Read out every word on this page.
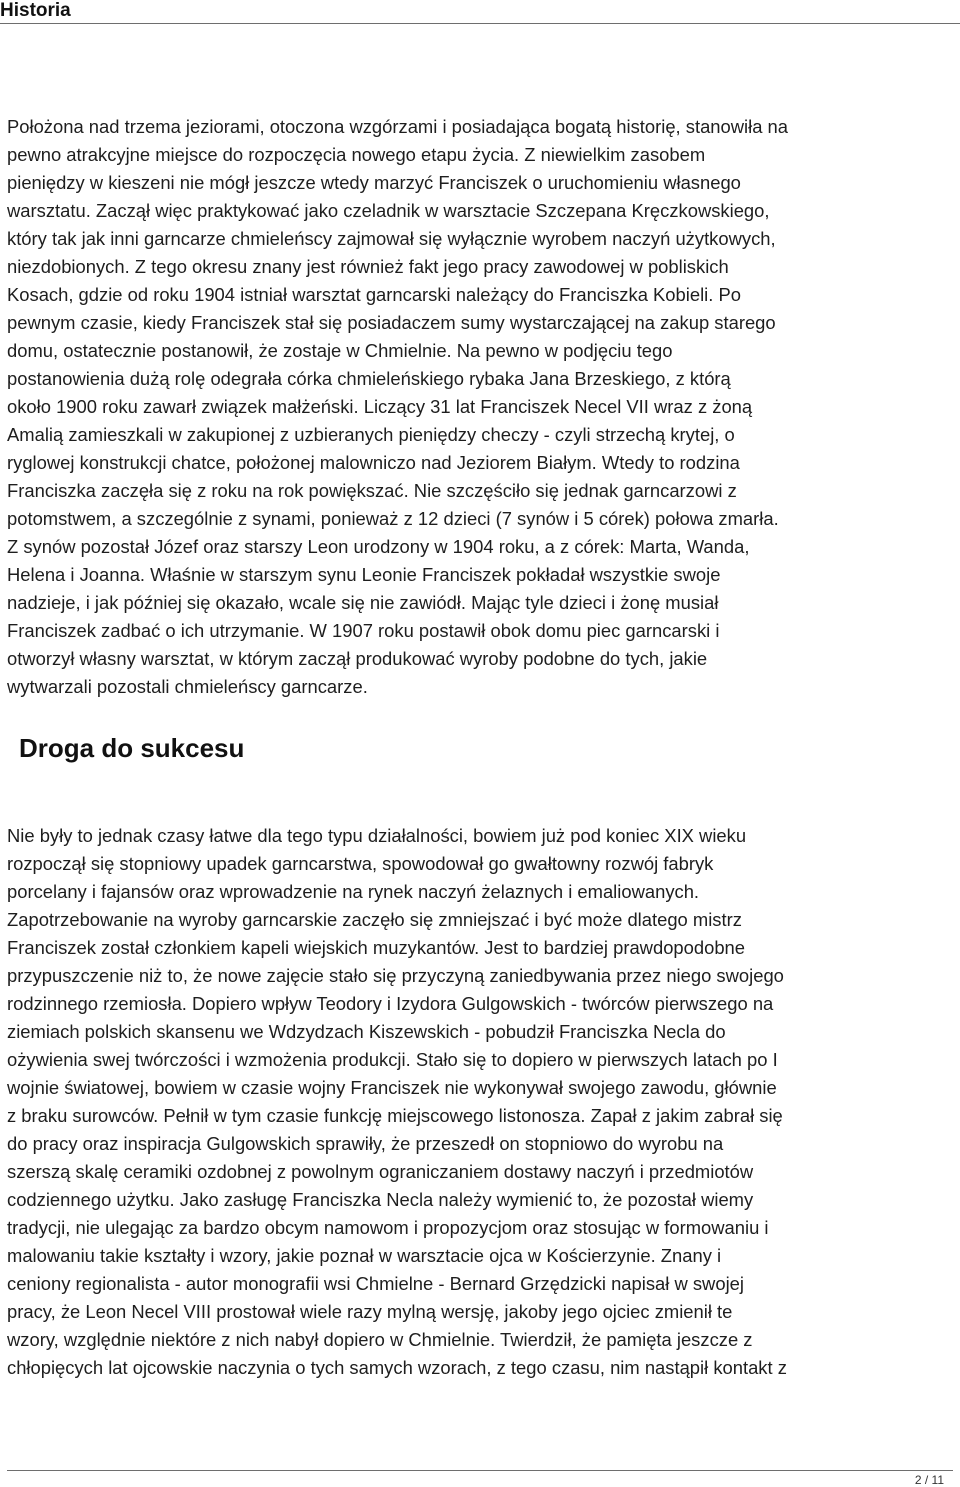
Historia

Położona nad trzema jeziorami, otoczona wzgórzami i posiadająca bogatą historię, stanowiła na
pewno atrakcyjne miejsce do rozpoczęcia nowego etapu życia. Z niewielkim zasobem
pieniędzy w kieszeni nie mógł jeszcze wtedy marzyć Franciszek o uruchomieniu własnego
warsztatu. Zaczął więc praktykować jako czeladnik w warsztacie Szczepana Kręczkowskiego,
który tak jak inni garncarze chmieleńscy zajmował się wyłącznie wyrobem naczyń użytkowych,
niezdobionych. Z tego okresu znany jest również fakt jego pracy zawodowej w pobliskich
Kosach, gdzie od roku 1904 istniał warsztat garncarski należący do Franciszka Kobieli. Po
pewnym czasie, kiedy Franciszek stał się posiadaczem sumy wystarczającej na zakup starego
domu, ostatecznie postanowił, że zostaje w Chmielnie. Na pewno w podjęciu tego
postanowienia dużą rolę odegrała córka chmieleńskiego rybaka Jana Brzeskiego, z którą
około 1900 roku zawarł związek małżeński. Liczący 31 lat Franciszek Necel VII wraz z żoną
Amalią zamieszkali w zakupionej z uzbieranych pieniędzy checzy - czyli strzechą krytej, o
ryglowej konstrukcji chatce, położonej malowniczo nad Jeziorem Białym. Wtedy to rodzina
Franciszka zaczęła się z roku na rok powiększać. Nie szczęściło się jednak garncarzowi z
potomstwem, a szczególnie z synami, ponieważ z 12 dzieci (7 synów i 5 córek) połowa zmarła.
Z synów pozostał Józef oraz starszy Leon urodzony w 1904 roku, a z córek: Marta, Wanda,
Helena i Joanna. Właśnie w starszym synu Leonie Franciszek pokładał wszystkie swoje
nadzieje, i jak później się okazało, wcale się nie zawiódł. Mając tyle dzieci i żonę musiał
Franciszek zadbać o ich utrzymanie. W 1907 roku postawił obok domu piec garncarski i
otworzył własny warsztat, w którym zaczął produkować wyroby podobne do tych, jakie
wytwarzali pozostali chmieleńscy garncarze.

Droga do sukcesu

Nie były to jednak czasy łatwe dla tego typu działalności, bowiem już pod koniec XIX wieku
rozpoczął się stopniowy upadek garncarstwa, spowodował go gwałtowny rozwój fabryk
porcelany i fajansów oraz wprowadzenie na rynek naczyń żelaznych i emaliowanych.
Zapotrzebowanie na wyroby garncarskie zaczęło się zmniejszać i być może dlatego mistrz
Franciszek został członkiem kapeli wiejskich muzykantów. Jest to bardziej prawdopodobne
przypuszczenie niż to, że nowe zajęcie stało się przyczyną zaniedbywania przez niego swojego
rodzinnego rzemiosła. Dopiero wpływ Teodory i Izydora Gulgowskich - twórców pierwszego na
ziemiach polskich skansenu we Wdzydzach Kiszewskich - pobudził Franciszka Necla do
ożywienia swej twórczości i wzmożenia produkcji. Stało się to dopiero w pierwszych latach po I
wojnie światowej, bowiem w czasie wojny Franciszek nie wykonywał swojego zawodu, głównie
z braku surowców. Pełnił w tym czasie funkcję miejscowego listonosza. Zapał z jakim zabrał się
do pracy oraz inspiracja Gulgowskich sprawiły, że przeszedł on stopniowo do wyrobu na
szerszą skalę ceramiki ozdobnej z powolnym ograniczaniem dostawy naczyń i przedmiotów
codziennego użytku. Jako zasługę Franciszka Necla należy wymienić to, że pozostał wiemy
tradycji, nie ulegając za bardzo obcym namowom i propozycjom oraz stosując w formowaniu i
malowaniu takie kształty i wzory, jakie poznał w warsztacie ojca w Kościerzynie. Znany i
ceniony regionalista - autor monografii wsi Chmielne - Bernard Grzędzicki napisał w swojej
pracy, że Leon Necel VIII prostował wiele razy mylną wersję, jakoby jego ojciec zmienił te
wzory, względnie niektóre z nich nabył dopiero w Chmielnie. Twierdził, że pamięta jeszcze z
chłopięcych lat ojcowskie naczynia o tych samych wzorach, z tego czasu, nim nastąpił kontakt z

2 / 11
